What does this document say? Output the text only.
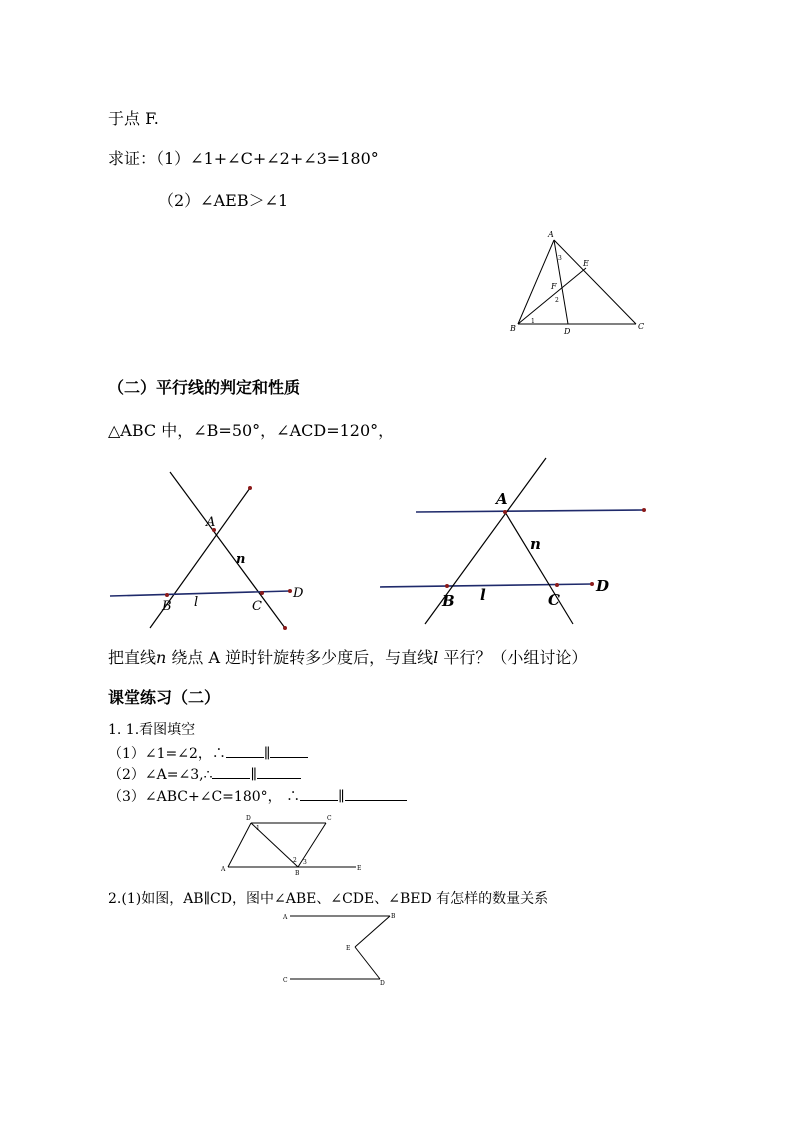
于点 F.
求证：（1）∠1+∠C+∠2+∠3=180°
（2）∠AEB＞∠1
A
E
F
B	D
C
3
2
1
（二）平行线的判定和性质
△ABC 中，∠B=50°，∠ACD=120°，
A
n
B l	C
D
A
n
B l	C
D
把直线n 绕点 A 逆时针旋转多少度后，与直线l 平行？（小组讨论）
课堂练习（二）
1. 1.看图填空
（1）∠1=∠2，∴	∥
（2）∠A=∠3,∴	∥
（3）∠ABC+∠C=180°， ∴	∥
D	C
A
B
E
1
2 3
2.(1)如图，AB∥CD，图中∠ABE、∠CDE、∠BED 有怎样的数量关系
A	B
E
C	D
